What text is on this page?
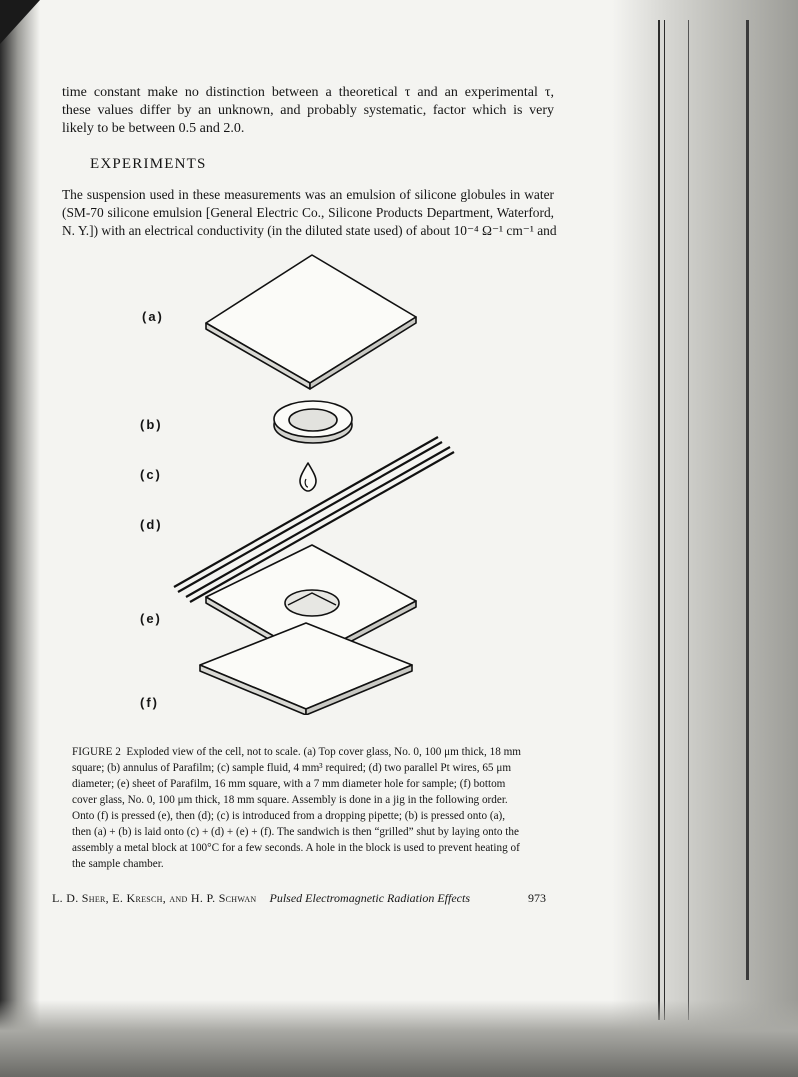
time constant make no distinction between a theoretical τ and an experimental τ,
these values differ by an unknown, and probably systematic, factor which is very
likely to be between 0.5 and 2.0.
EXPERIMENTS
The suspension used in these measurements was an emulsion of silicone globules in water
(SM-70 silicone emulsion [General Electric Co., Silicone Products Department, Waterford,
N. Y.]) with an electrical conductivity (in the diluted state used) of about 10⁻⁴ Ω⁻¹ cm⁻¹ and
(a)
(b)
(c)
(d)
(e)
(f)
FIGURE 2 Exploded view of the cell, not to scale. (a) Top cover glass, No. 0, 100 μm thick, 18 mm square; (b) annulus of Parafilm; (c) sample fluid, 4 mm³ required; (d) two parallel Pt wires, 65 μm diameter; (e) sheet of Parafilm, 16 mm square, with a 7 mm diameter hole for sample; (f) bottom cover glass, No. 0, 100 μm thick, 18 mm square. Assembly is done in a jig in the following order. Onto (f) is pressed (e), then (d); (c) is introduced from a dropping pipette; (b) is pressed onto (a), then (a) + (b) is laid onto (c) + (d) + (e) + (f). The sandwich is then “grilled” shut by laying onto the assembly a metal block at 100°C for a few seconds. A hole in the block is used to prevent heating of the sample chamber.
L. D. Sher, E. Kresch, and H. P. Schwan Pulsed Electromagnetic Radiation Effects	973
